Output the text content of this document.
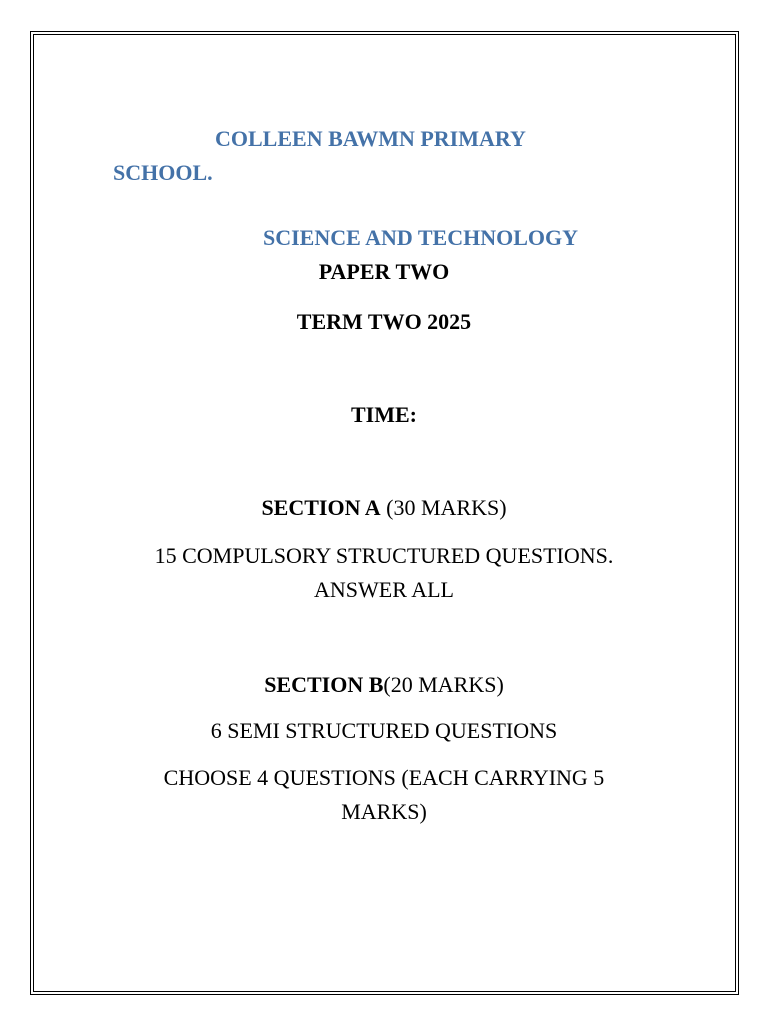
COLLEEN BAWMN PRIMARY

SCHOOL.

SCIENCE AND TECHNOLOGY

PAPER TWO

TERM TWO 2025

TIME:

SECTION A (30 MARKS)

15 COMPULSORY STRUCTURED QUESTIONS.

ANSWER ALL

SECTION B(20 MARKS)

6 SEMI STRUCTURED QUESTIONS

CHOOSE 4 QUESTIONS (EACH CARRYING 5

MARKS)
